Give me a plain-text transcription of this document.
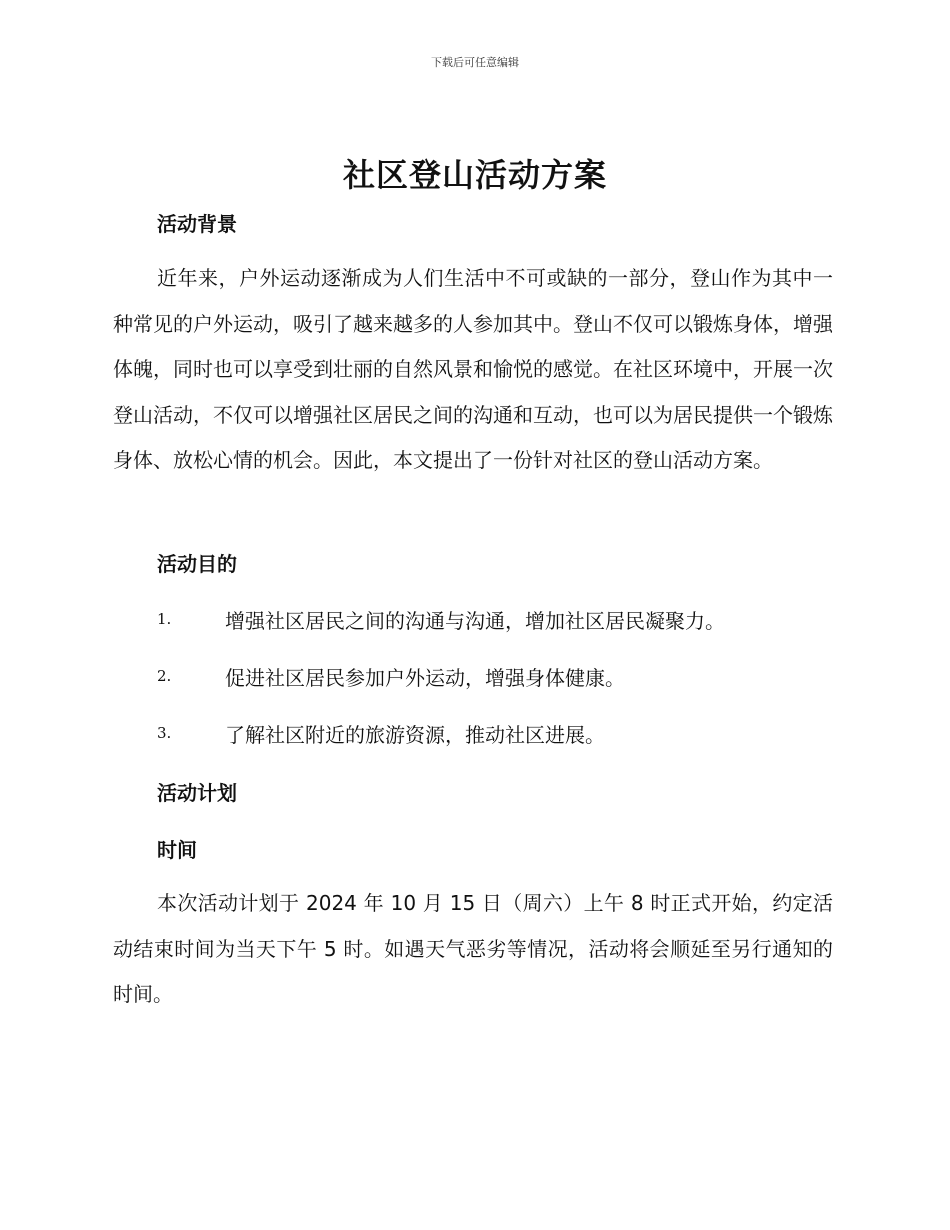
下载后可任意编辑
社区登山活动方案
活动背景
近年来，户外运动逐渐成为人们生活中不可或缺的一部分，登山作为其中一种常见的户外运动，吸引了越来越多的人参加其中。登山不仅可以锻炼身体，增强体魄，同时也可以享受到壮丽的自然风景和愉悦的感觉。在社区环境中，开展一次登山活动，不仅可以增强社区居民之间的沟通和互动，也可以为居民提供一个锻炼身体、放松心情的机会。因此，本文提出了一份针对社区的登山活动方案。
活动目的
1.	增强社区居民之间的沟通与沟通，增加社区居民凝聚力。
2.	促进社区居民参加户外运动，增强身体健康。
3.	了解社区附近的旅游资源，推动社区进展。
活动计划
时间
本次活动计划于 2024 年 10 月 15 日（周六）上午 8 时正式开始，约定活动结束时间为当天下午 5 时。如遇天气恶劣等情况，活动将会顺延至另行通知的时间。
